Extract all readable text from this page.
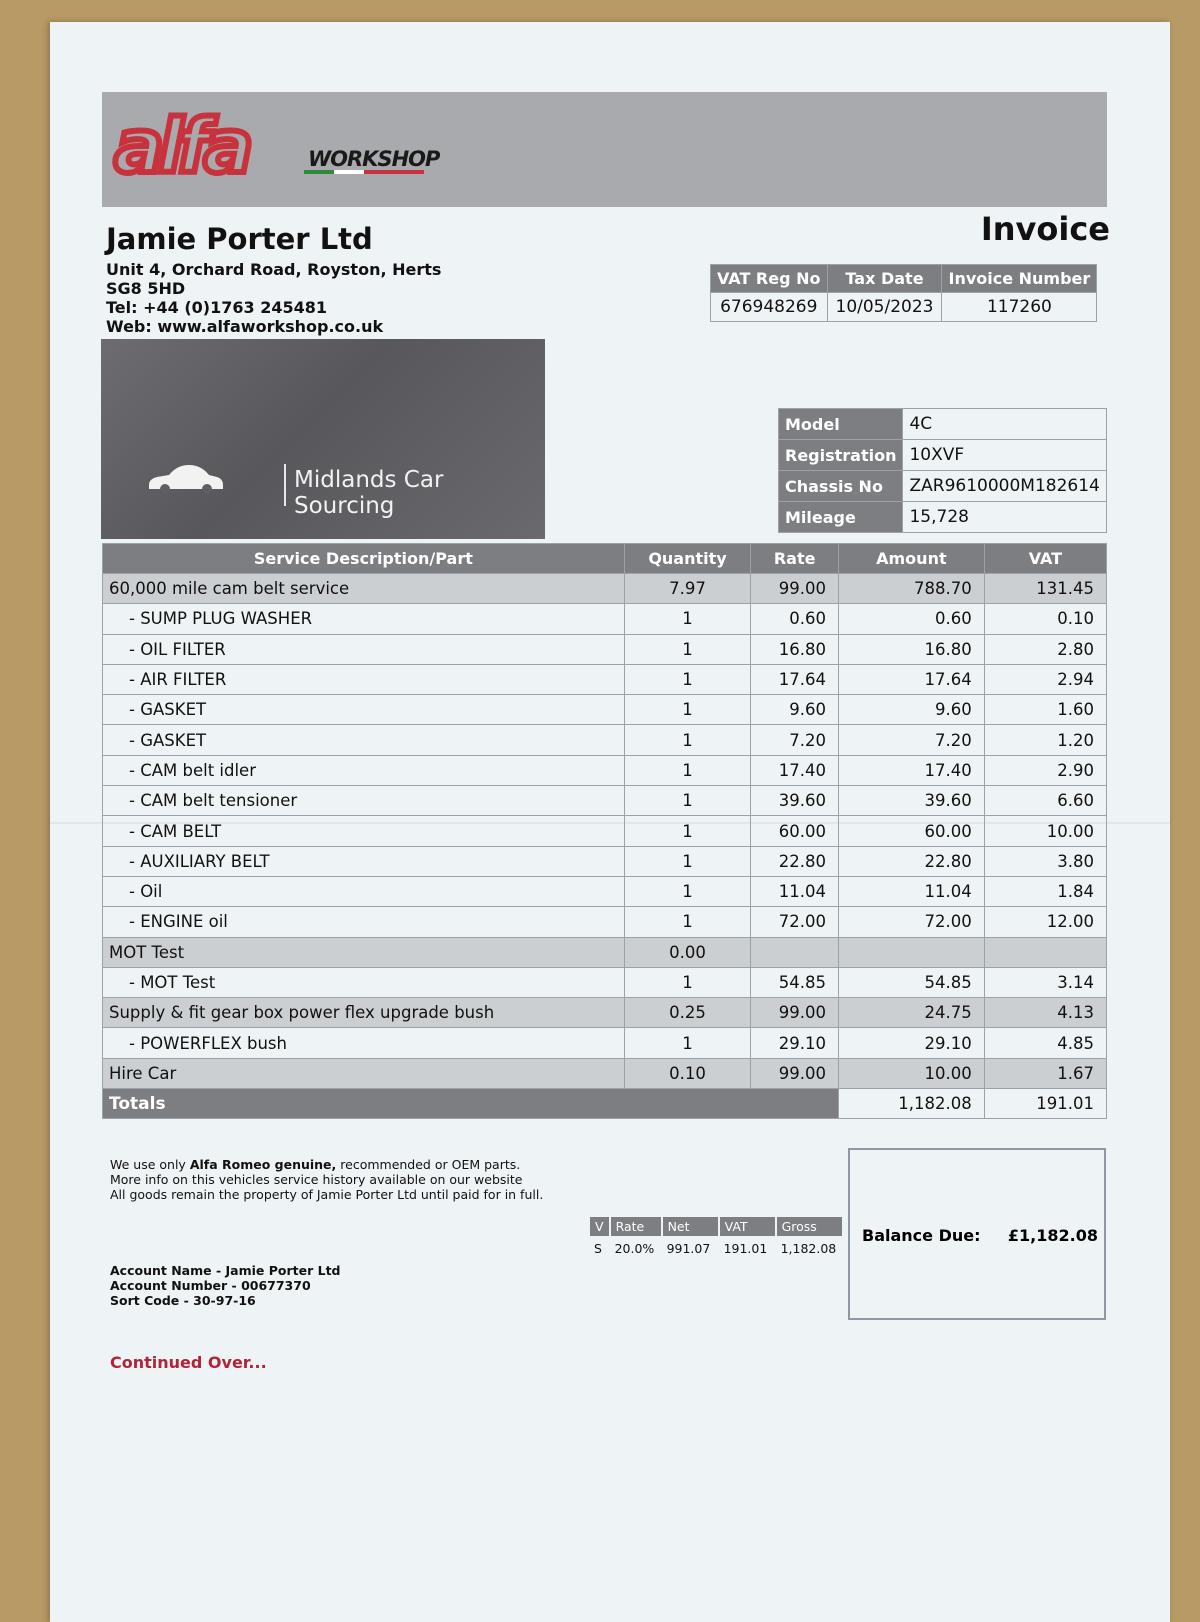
alfa	WORKSHOP
Invoice
Jamie Porter Ltd
Unit 4, Orchard Road, Royston, Herts
SG8 5HD
Tel: +44 (0)1763 245481
Web: www.alfaworkshop.co.uk
VAT Reg No	Tax Date	Invoice Number
676948269	10/05/2023	117260
Midlands Car Sourcing
Model	4C
Registration	10XVF
Chassis No	ZAR9610000M182614
Mileage	15,728
Service Description/Part	Quantity	Rate	Amount	VAT
60,000 mile cam belt service	7.97	99.00	788.70	131.45
- SUMP PLUG WASHER	1	0.60	0.60	0.10
- OIL FILTER	1	16.80	16.80	2.80
- AIR FILTER	1	17.64	17.64	2.94
- GASKET	1	9.60	9.60	1.60
- GASKET	1	7.20	7.20	1.20
- CAM belt idler	1	17.40	17.40	2.90
- CAM belt tensioner	1	39.60	39.60	6.60
- CAM BELT	1	60.00	60.00	10.00
- AUXILIARY BELT	1	22.80	22.80	3.80
- Oil	1	11.04	11.04	1.84
- ENGINE oil	1	72.00	72.00	12.00
MOT Test	0.00			
- MOT Test	1	54.85	54.85	3.14
Supply & fit gear box power flex upgrade bush	0.25	99.00	24.75	4.13
- POWERFLEX bush	1	29.10	29.10	4.85
Hire Car	0.10	99.00	10.00	1.67
Totals			1,182.08	191.01
We use only Alfa Romeo genuine, recommended or OEM parts.
More info on this vehicles service history available on our website
All goods remain the property of Jamie Porter Ltd until paid for in full.
Account Name - Jamie Porter Ltd
Account Number - 00677370
Sort Code - 30-97-16
V	Rate	Net	VAT	Gross
S	20.0%	991.07	191.01	1,182.08
Balance Due: £1,182.08
Continued Over...
